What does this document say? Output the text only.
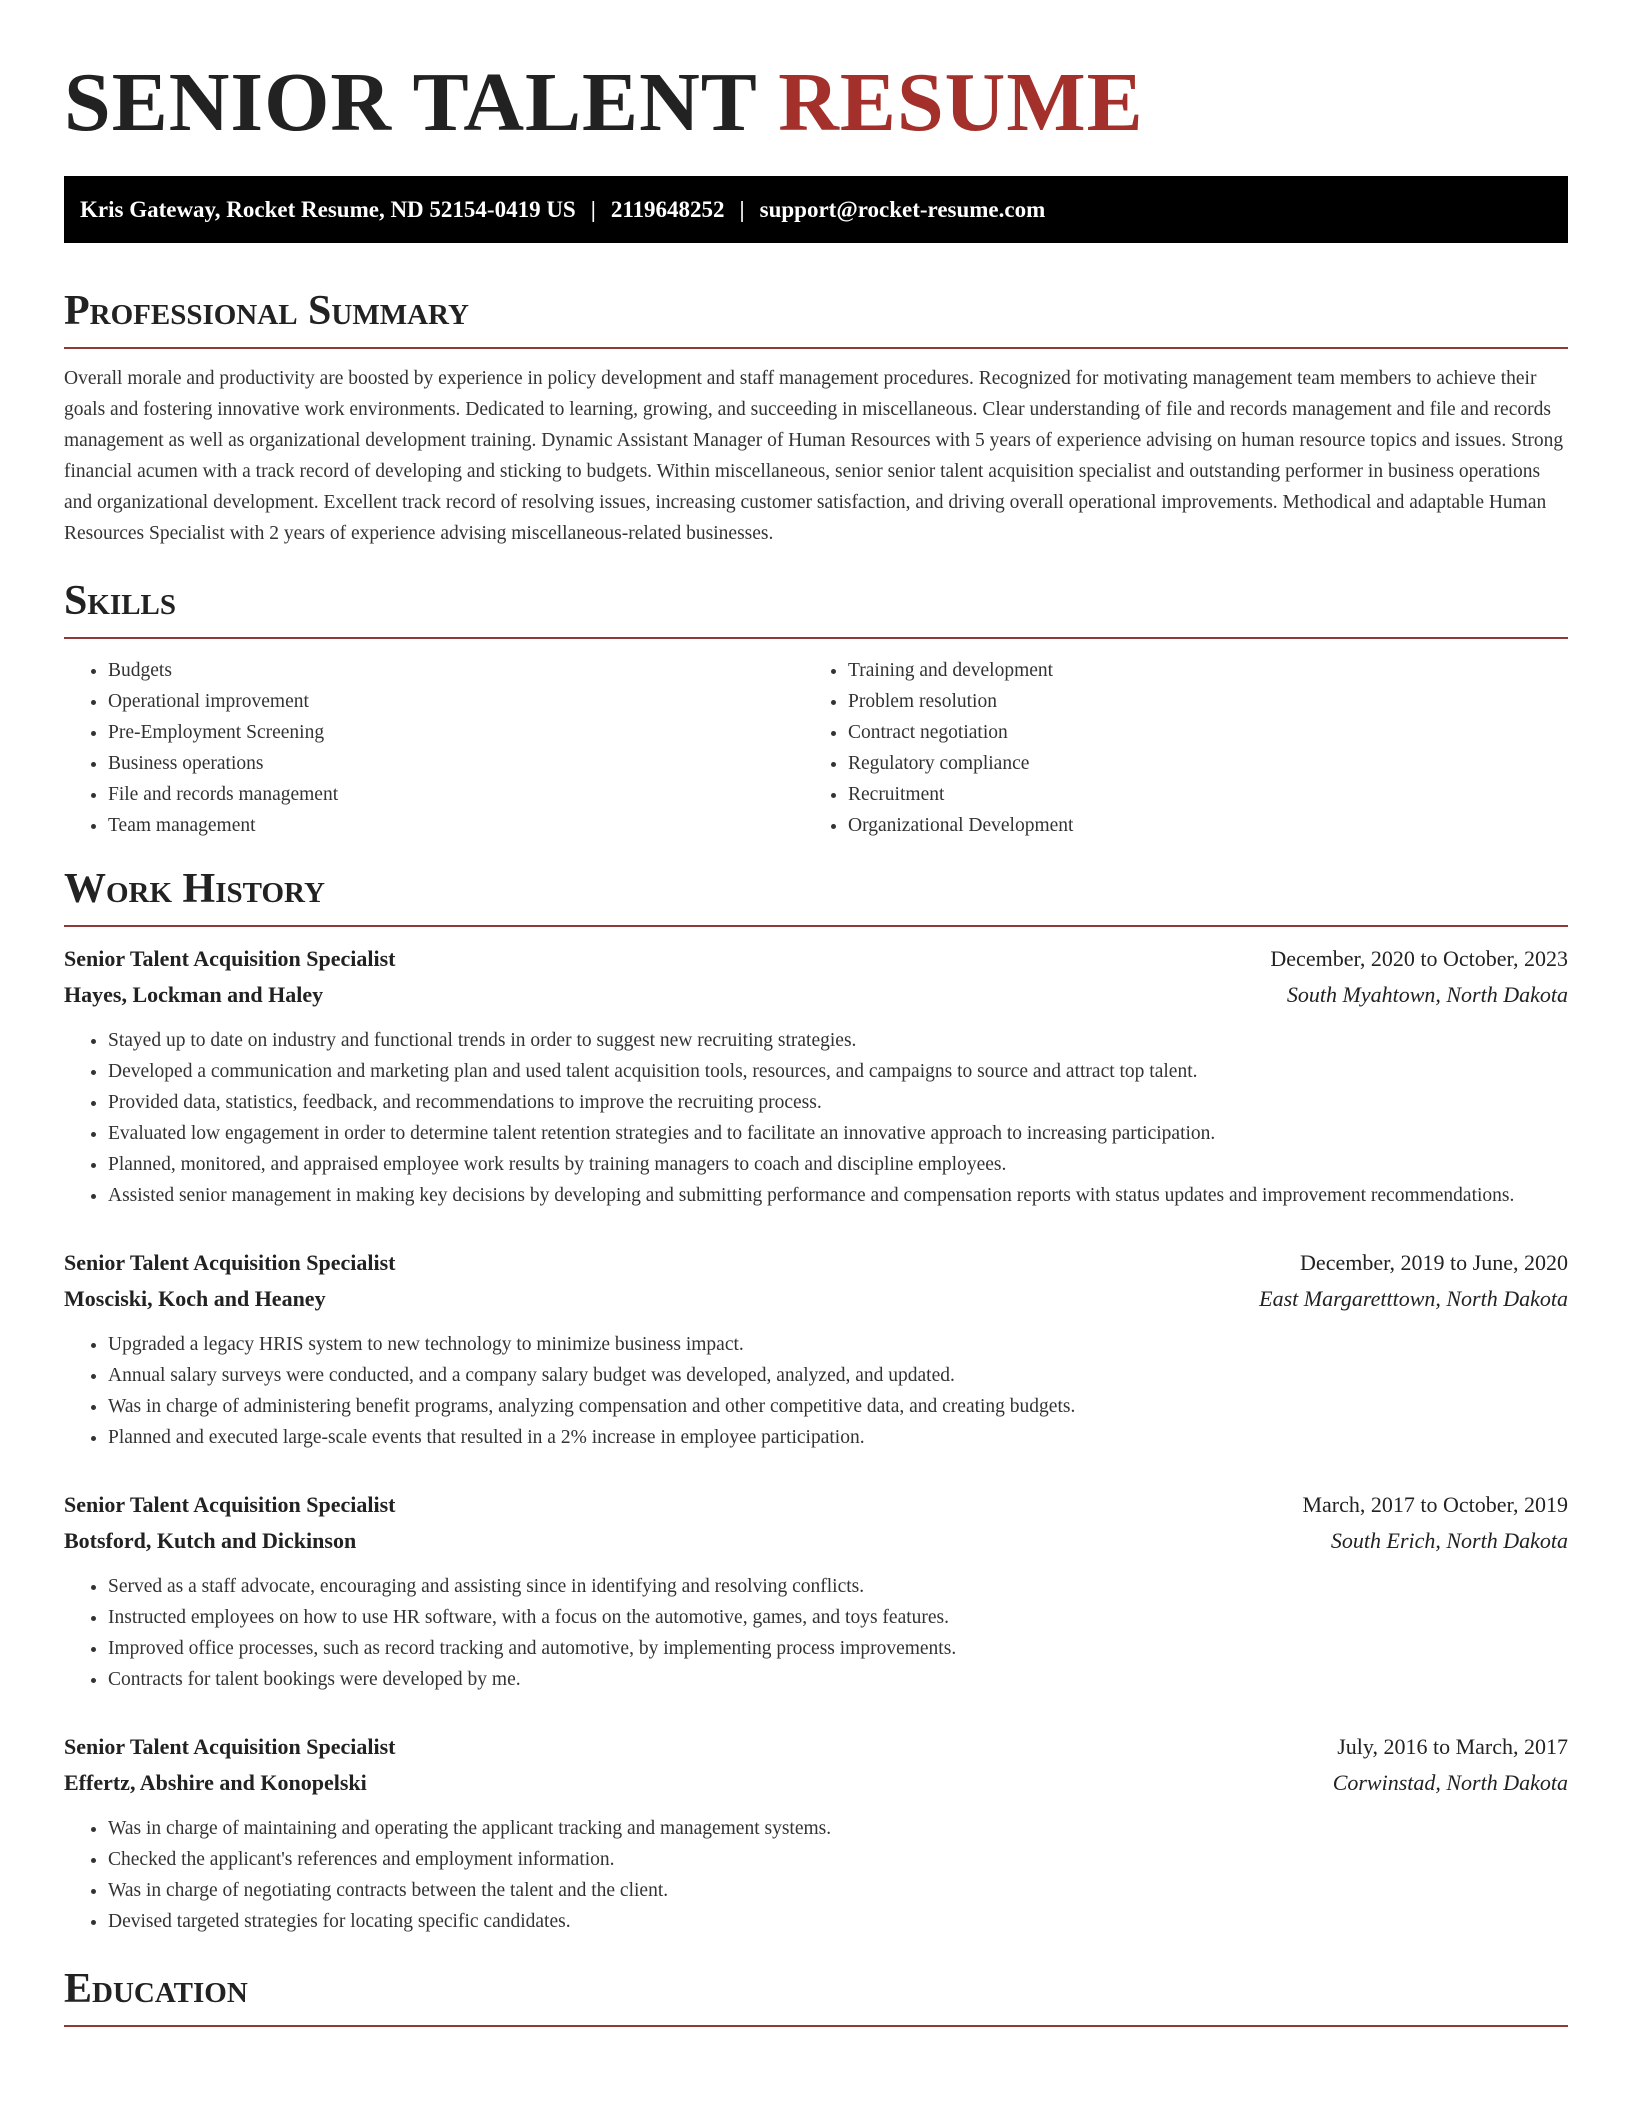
SENIOR TALENT RESUME
Kris Gateway, Rocket Resume, ND 52154-0419 US | 2119648252 | support@rocket-resume.com
Professional Summary

Overall morale and productivity are boosted by experience in policy development and staff management procedures. Recognized for motivating management team members to achieve their goals and fostering innovative work environments. Dedicated to learning, growing, and succeeding in miscellaneous. Clear understanding of file and records management and file and records management as well as organizational development training. Dynamic Assistant Manager of Human Resources with 5 years of experience advising on human resource topics and issues. Strong financial acumen with a track record of developing and sticking to budgets. Within miscellaneous, senior senior talent acquisition specialist and outstanding performer in business operations and organizational development. Excellent track record of resolving issues, increasing customer satisfaction, and driving overall operational improvements. Methodical and adaptable Human Resources Specialist with 2 years of experience advising miscellaneous-related businesses.

Skills
• Budgets
• Operational improvement
• Pre-Employment Screening
• Business operations
• File and records management
• Team management
• Training and development
• Problem resolution
• Contract negotiation
• Regulatory compliance
• Recruitment
• Organizational Development
Work History
Senior Talent Acquisition Specialist	December, 2020 to October, 2023
Hayes, Lockman and Haley	South Myahtown, North Dakota
• Stayed up to date on industry and functional trends in order to suggest new recruiting strategies.
• Developed a communication and marketing plan and used talent acquisition tools, resources, and campaigns to source and attract top talent.
• Provided data, statistics, feedback, and recommendations to improve the recruiting process.
• Evaluated low engagement in order to determine talent retention strategies and to facilitate an innovative approach to increasing participation.
• Planned, monitored, and appraised employee work results by training managers to coach and discipline employees.
• Assisted senior management in making key decisions by developing and submitting performance and compensation reports with status updates and improvement recommendations.
Senior Talent Acquisition Specialist	December, 2019 to June, 2020
Mosciski, Koch and Heaney	East Margaretttown, North Dakota
• Upgraded a legacy HRIS system to new technology to minimize business impact.
• Annual salary surveys were conducted, and a company salary budget was developed, analyzed, and updated.
• Was in charge of administering benefit programs, analyzing compensation and other competitive data, and creating budgets.
• Planned and executed large-scale events that resulted in a 2% increase in employee participation.
Senior Talent Acquisition Specialist	March, 2017 to October, 2019
Botsford, Kutch and Dickinson	South Erich, North Dakota
• Served as a staff advocate, encouraging and assisting since in identifying and resolving conflicts.
• Instructed employees on how to use HR software, with a focus on the automotive, games, and toys features.
• Improved office processes, such as record tracking and automotive, by implementing process improvements.
• Contracts for talent bookings were developed by me.
Senior Talent Acquisition Specialist	July, 2016 to March, 2017
Effertz, Abshire and Konopelski	Corwinstad, North Dakota
• Was in charge of maintaining and operating the applicant tracking and management systems.
• Checked the applicant's references and employment information.
• Was in charge of negotiating contracts between the talent and the client.
• Devised targeted strategies for locating specific candidates.
Education
